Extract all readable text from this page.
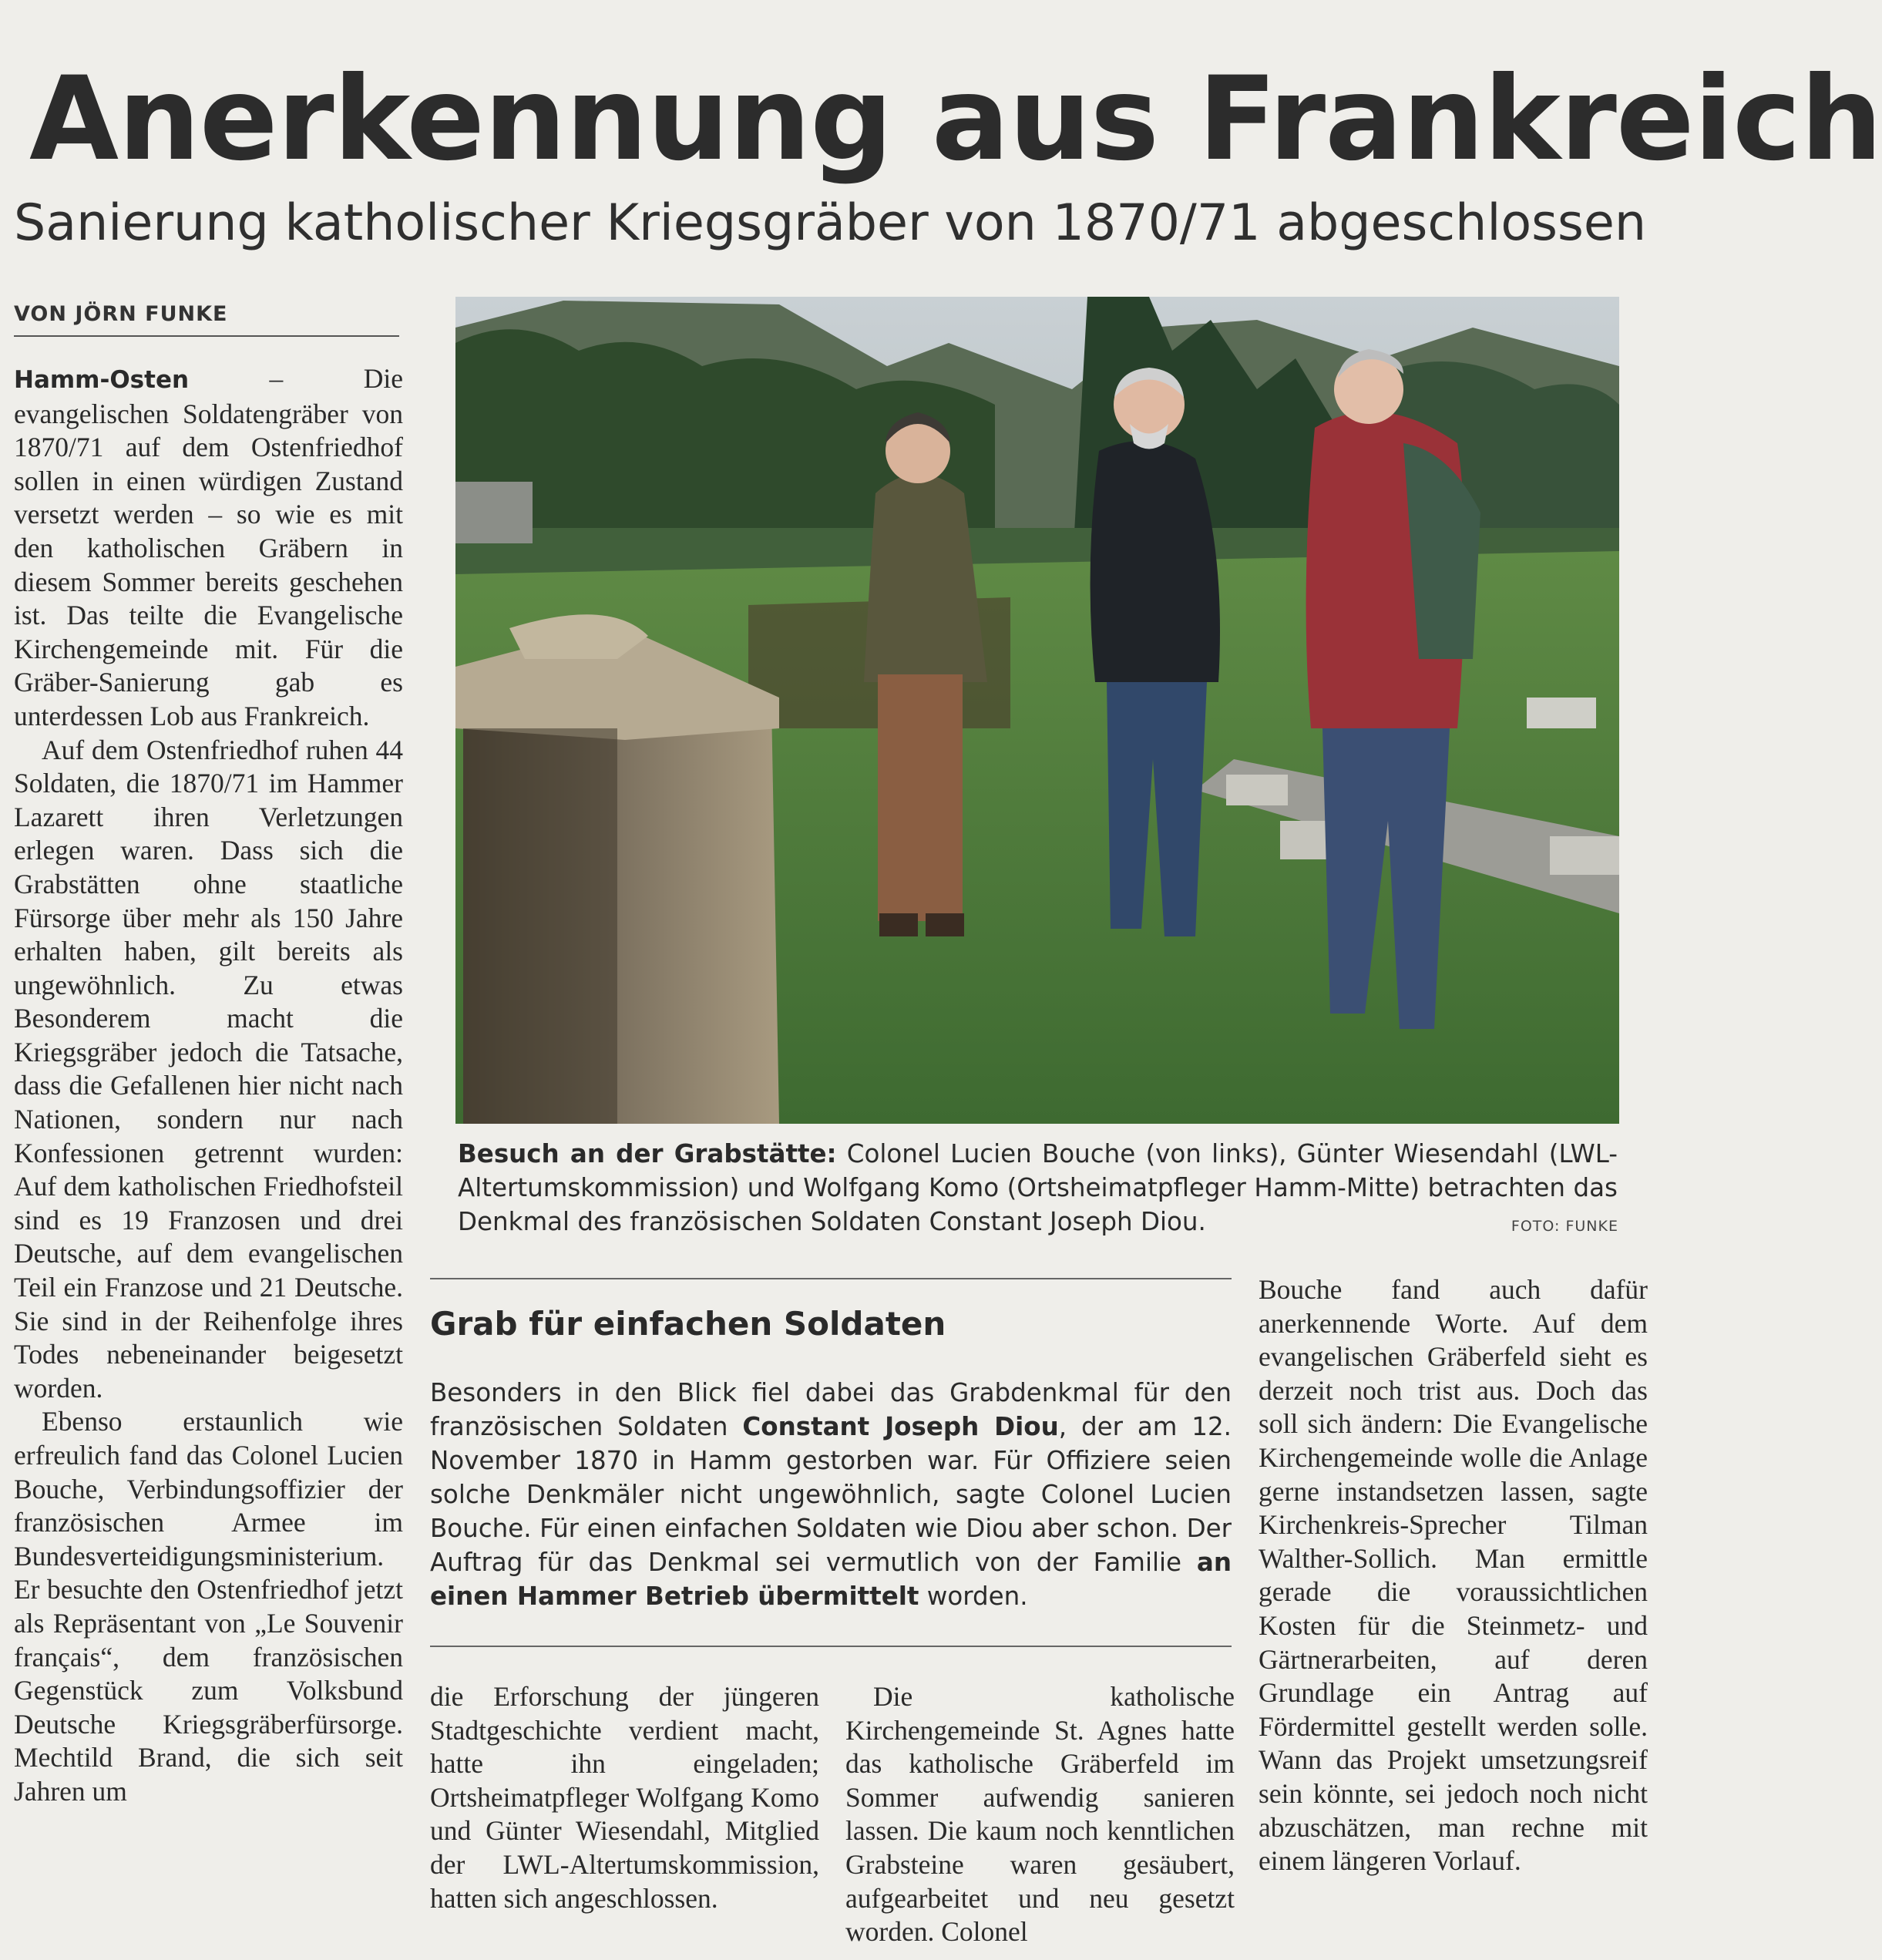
Anerkennung aus Frankreich
Sanierung katholischer Kriegsgräber von 1870/71 abgeschlossen
VON JÖRN FUNKE

Hamm-Osten – Die evangelischen Soldatengräber von 1870/71 auf dem Ostenfriedhof sollen in einen würdigen Zustand versetzt werden – so wie es mit den katholischen Gräbern in diesem Sommer bereits geschehen ist. Das teilte die Evangelische Kirchengemeinde mit. Für die Gräber-Sanierung gab es unterdessen Lob aus Frankreich.

Auf dem Ostenfriedhof ruhen 44 Soldaten, die 1870/71 im Hammer Lazarett ihren Verletzungen erlegen waren. Dass sich die Grabstätten ohne staatliche Fürsorge über mehr als 150 Jahre erhalten haben, gilt bereits als ungewöhnlich. Zu etwas Besonderem macht die Kriegsgräber jedoch die Tatsache, dass die Gefallenen hier nicht nach Nationen, sondern nur nach Konfessionen getrennt wurden: Auf dem katholischen Friedhofsteil sind es 19 Franzosen und drei Deutsche, auf dem evangelischen Teil ein Franzose und 21 Deutsche. Sie sind in der Reihenfolge ihres Todes nebeneinander beigesetzt worden.

Ebenso erstaunlich wie erfreulich fand das Colonel Lucien Bouche, Verbindungsoffizier der französischen Armee im Bundesverteidigungsministerium. Er besuchte den Ostenfriedhof jetzt als Repräsentant von „Le Souvenir français“, dem französischen Gegenstück zum Volksbund Deutsche Kriegsgräberfürsorge. Mechtild Brand, die sich seit Jahren um

Besuch an der Grabstätte: Colonel Lucien Bouche (von links), Günter Wiesendahl (LWL-Altertumskommission) und Wolfgang Komo (Ortsheimatpfleger Hamm-Mitte) betrachten das Denkmal des französischen Soldaten Constant Joseph Diou.	FOTO: FUNKE
Grab für einfachen Soldaten
Besonders in den Blick fiel dabei das Grabdenkmal für den französischen Soldaten Constant Joseph Diou, der am 12. November 1870 in Hamm gestorben war. Für Offiziere seien solche Denkmäler nicht ungewöhnlich, sagte Colonel Lucien Bouche. Für einen einfachen Soldaten wie Diou aber schon. Der Auftrag für das Denkmal sei vermutlich von der Familie an einen Hammer Betrieb übermittelt worden.

die Erforschung der jüngeren Stadtgeschichte verdient macht, hatte ihn eingeladen; Ortsheimatpfleger Wolfgang Komo und Günter Wiesendahl, Mitglied der LWL-Altertumskommission, hatten sich angeschlossen.

Die katholische Kirchengemeinde St. Agnes hatte das katholische Gräberfeld im Sommer aufwendig sanieren lassen. Die kaum noch kenntlichen Grabsteine waren gesäubert, aufgearbeitet und neu gesetzt worden. Colonel

Bouche fand auch dafür anerkennende Worte. Auf dem evangelischen Gräberfeld sieht es derzeit noch trist aus. Doch das soll sich ändern: Die Evangelische Kirchengemeinde wolle die Anlage gerne instandsetzen lassen, sagte Kirchenkreis-Sprecher Tilman Walther-Sollich. Man ermittle gerade die voraussichtlichen Kosten für die Steinmetz- und Gärtnerarbeiten, auf deren Grundlage ein Antrag auf Fördermittel gestellt werden solle. Wann das Projekt umsetzungsreif sein könnte, sei jedoch noch nicht abzuschätzen, man rechne mit einem längeren Vorlauf.
